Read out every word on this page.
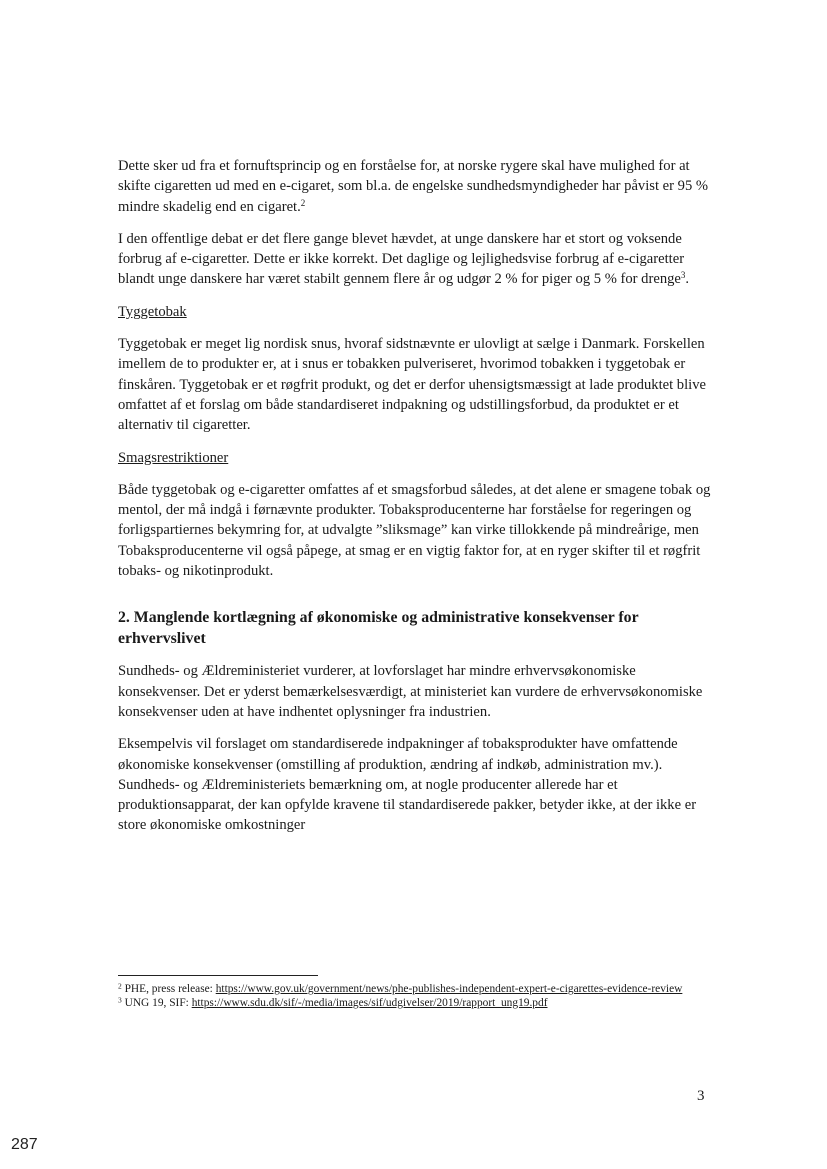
Dette sker ud fra et fornuftsprincip og en forståelse for, at norske rygere skal have mulighed for at skifte cigaretten ud med en e-cigaret, som bl.a. de engelske sundhedsmyndigheder har påvist er 95 % mindre skadelig end en cigaret.$^2$

I den offentlige debat er det flere gange blevet hævdet, at unge danskere har et stort og voksende forbrug af e-cigaretter. Dette er ikke korrekt. Det daglige og lejlighedsvise forbrug af e-cigaretter blandt unge danskere har været stabilt gennem flere år og udgør 2 % for piger og 5 % for drenge$^3$.

Tyggetobak

Tyggetobak er meget lig nordisk snus, hvoraf sidstnævnte er ulovligt at sælge i Danmark. Forskellen imellem de to produkter er, at i snus er tobakken pulveriseret, hvorimod tobakken i tyggetobak er finskåren. Tyggetobak er et røgfrit produkt, og det er derfor uhensigtsmæssigt at lade produktet blive omfattet af et forslag om både standardiseret indpakning og udstillingsforbud, da produktet er et alternativ til cigaretter.

Smagsrestriktioner

Både tyggetobak og e-cigaretter omfattes af et smagsforbud således, at det alene er smagene tobak og mentol, der må indgå i førnævnte produkter. Tobaksproducenterne har forståelse for regeringen og forligspartiernes bekymring for, at udvalgte ”sliksmage” kan virke tillokkende på mindreårige, men Tobaksproducenterne vil også påpege, at smag er en vigtig faktor for, at en ryger skifter til et røgfrit tobaks- og nikotinprodukt.

2. Manglende kortlægning af økonomiske og administrative konsekvenser for erhvervslivet

Sundheds- og Ældreministeriet vurderer, at lovforslaget har mindre erhvervsøkonomiske konsekvenser. Det er yderst bemærkelsesværdigt, at ministeriet kan vurdere de erhvervsøkonomiske konsekvenser uden at have indhentet oplysninger fra industrien.

Eksempelvis vil forslaget om standardiserede indpakninger af tobaksprodukter have omfattende økonomiske konsekvenser (omstilling af produktion, ændring af indkøb, administration mv.). Sundheds- og Ældreministeriets bemærkning om, at nogle producenter allerede har et produktionsapparat, der kan opfylde kravene til standardiserede pakker, betyder ikke, at der ikke er store økonomiske omkostninger

$^2$ PHE, press release: https://www.gov.uk/government/news/phe-publishes-independent-expert-e-cigarettes-evidence-review
$^3$ UNG 19, SIF: https://www.sdu.dk/sif/-/media/images/sif/udgivelser/2019/rapport_ung19.pdf
3
287
